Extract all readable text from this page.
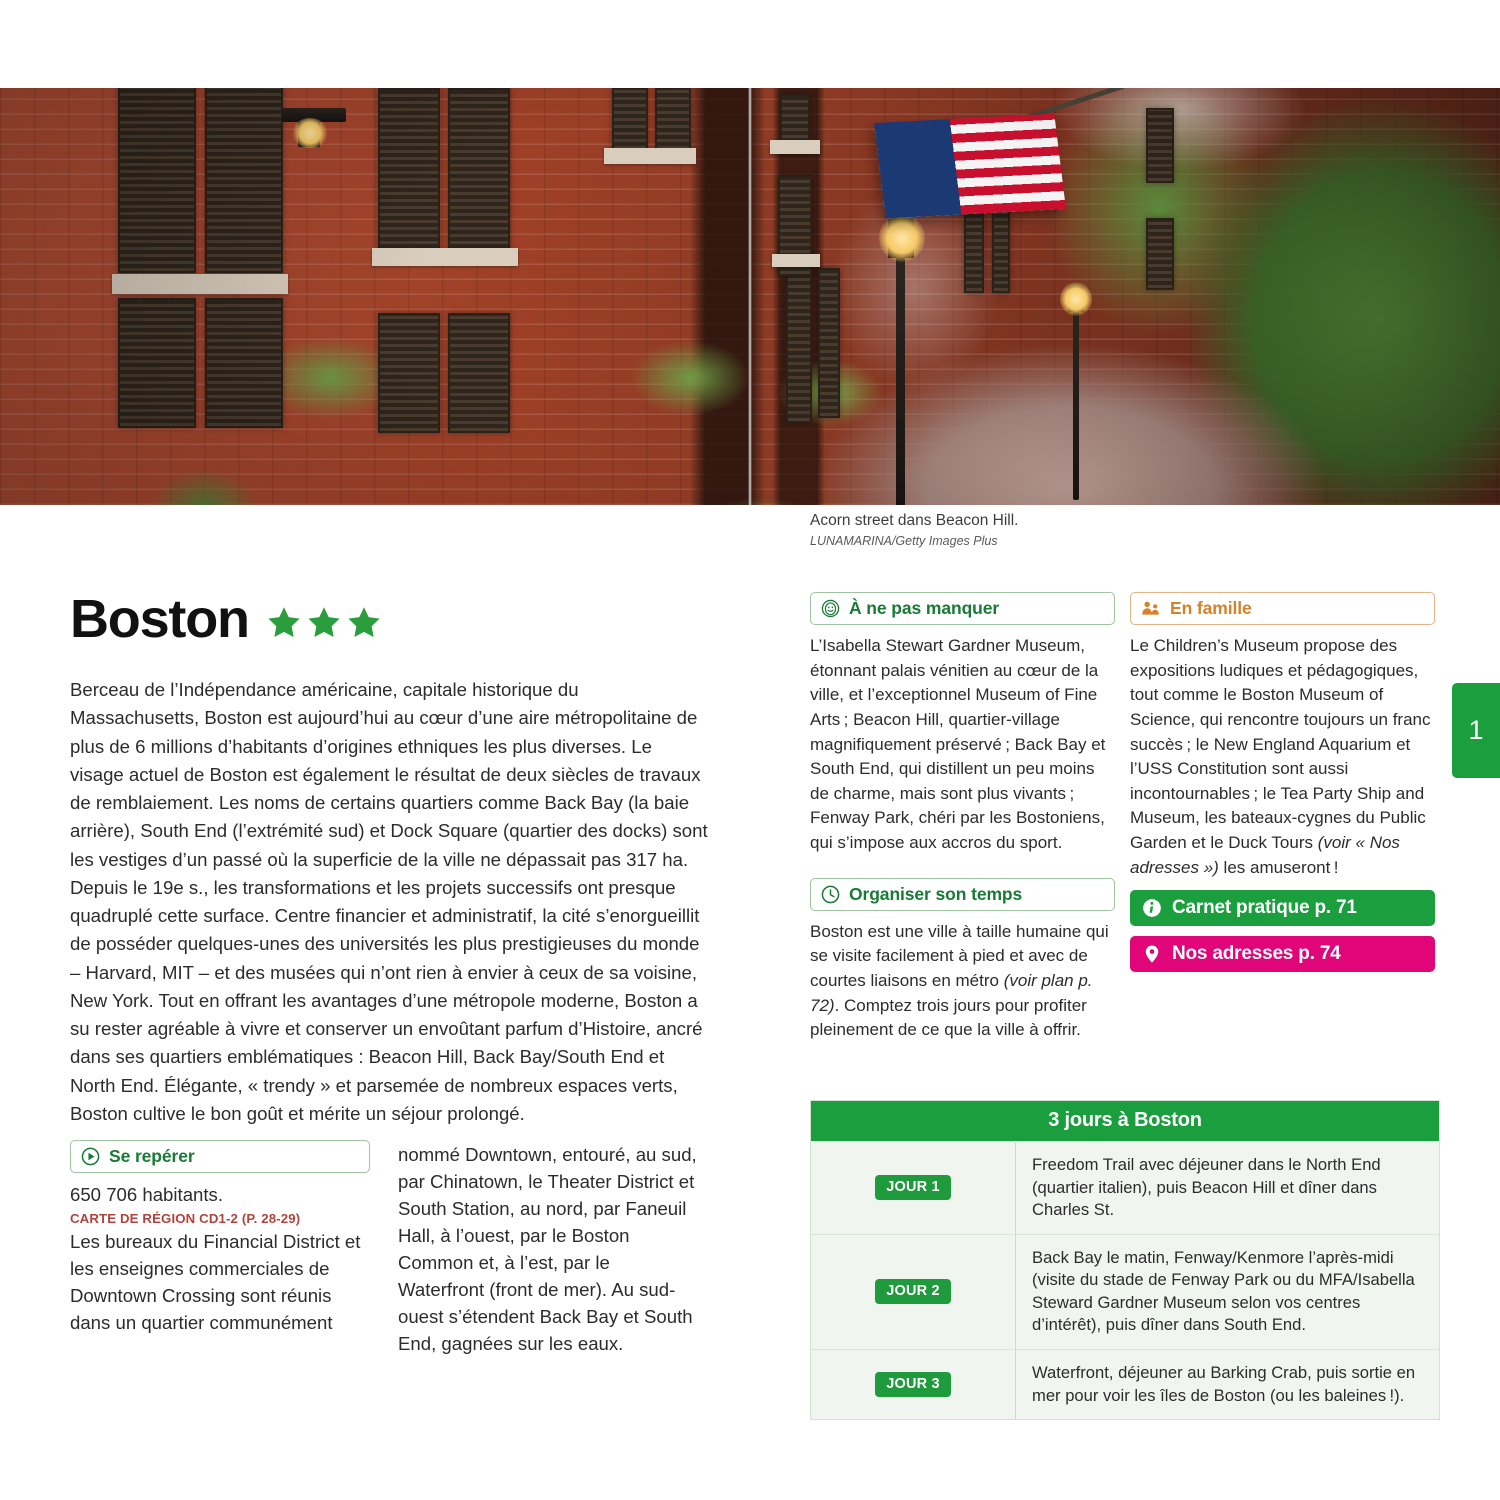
Acorn street dans Beacon Hill.
LUNAMARINA/Getty Images Plus
Boston
Berceau de l’Indépendance américaine, capitale historique du Massachusetts, Boston est aujourd’hui au cœur d’une aire métropolitaine de plus de 6 millions d’habitants d’origines ethniques les plus diverses. Le visage actuel de Boston est également le résultat de deux siècles de travaux de remblaiement. Les noms de certains quartiers comme Back Bay (la baie arrière), South End (l’extrémité sud) et Dock Square (quartier des docks) sont les vestiges d’un passé où la superficie de la ville ne dépassait pas 317 ha. Depuis le 19e s., les transformations et les projets successifs ont presque quadruplé cette surface. Centre financier et administratif, la cité s’enorgueillit de posséder quelques-unes des universités les plus prestigieuses du monde – Harvard, MIT – et des musées qui n’ont rien à envier à ceux de sa voisine, New York. Tout en offrant les avantages d’une métropole moderne, Boston a su rester agréable à vivre et conserver un envoûtant parfum d’Histoire, ancré dans ses quartiers emblématiques : Beacon Hill, Back Bay/South End et North End. Élégante, « trendy » et parsemée de nombreux espaces verts, Boston cultive le bon goût et mérite un séjour prolongé.
Se repérer
650 706 habitants.
CARTE DE RÉGION CD1-2 (P. 28-29)
Les bureaux du Financial District et les enseignes commerciales de Downtown Crossing sont réunis dans un quartier communément
nommé Downtown, entouré, au sud, par Chinatown, le Theater District et South Station, au nord, par Faneuil Hall, à l’ouest, par le Boston Common et, à l’est, par le Waterfront (front de mer). Au sud-ouest s’étendent Back Bay et South End, gagnées sur les eaux.
À ne pas manquer
L’Isabella Stewart Gardner Museum, étonnant palais vénitien au cœur de la ville, et l’exceptionnel Museum of Fine Arts ; Beacon Hill, quartier-village magnifiquement préservé ; Back Bay et South End, qui distillent un peu moins de charme, mais sont plus vivants ; Fenway Park, chéri par les Bostoniens, qui s’impose aux accros du sport.
Organiser son temps
Boston est une ville à taille humaine qui se visite facilement à pied et avec de courtes liaisons en métro (voir plan p. 72). Comptez trois jours pour profiter pleinement de ce que la ville à offrir.
En famille
Le Children’s Museum propose des expositions ludiques et pédagogiques, tout comme le Boston Museum of Science, qui rencontre toujours un franc succès ; le New England Aquarium et l’USS Constitution sont aussi incontournables ; le Tea Party Ship and Museum, les bateaux-cygnes du Public Garden et le Duck Tours (voir « Nos adresses ») les amuseront !
Carnet pratique p. 71
Nos adresses p. 74
1
3 jours à Boston
JOUR 1
Freedom Trail avec déjeuner dans le North End (quartier italien), puis Beacon Hill et dîner dans Charles St.
JOUR 2
Back Bay le matin, Fenway/Kenmore l’après-midi (visite du stade de Fenway Park ou du MFA/Isabella Steward Gardner Museum selon vos centres d’intérêt), puis dîner dans South End.
JOUR 3
Waterfront, déjeuner au Barking Crab, puis sortie en mer pour voir les îles de Boston (ou les baleines !).
